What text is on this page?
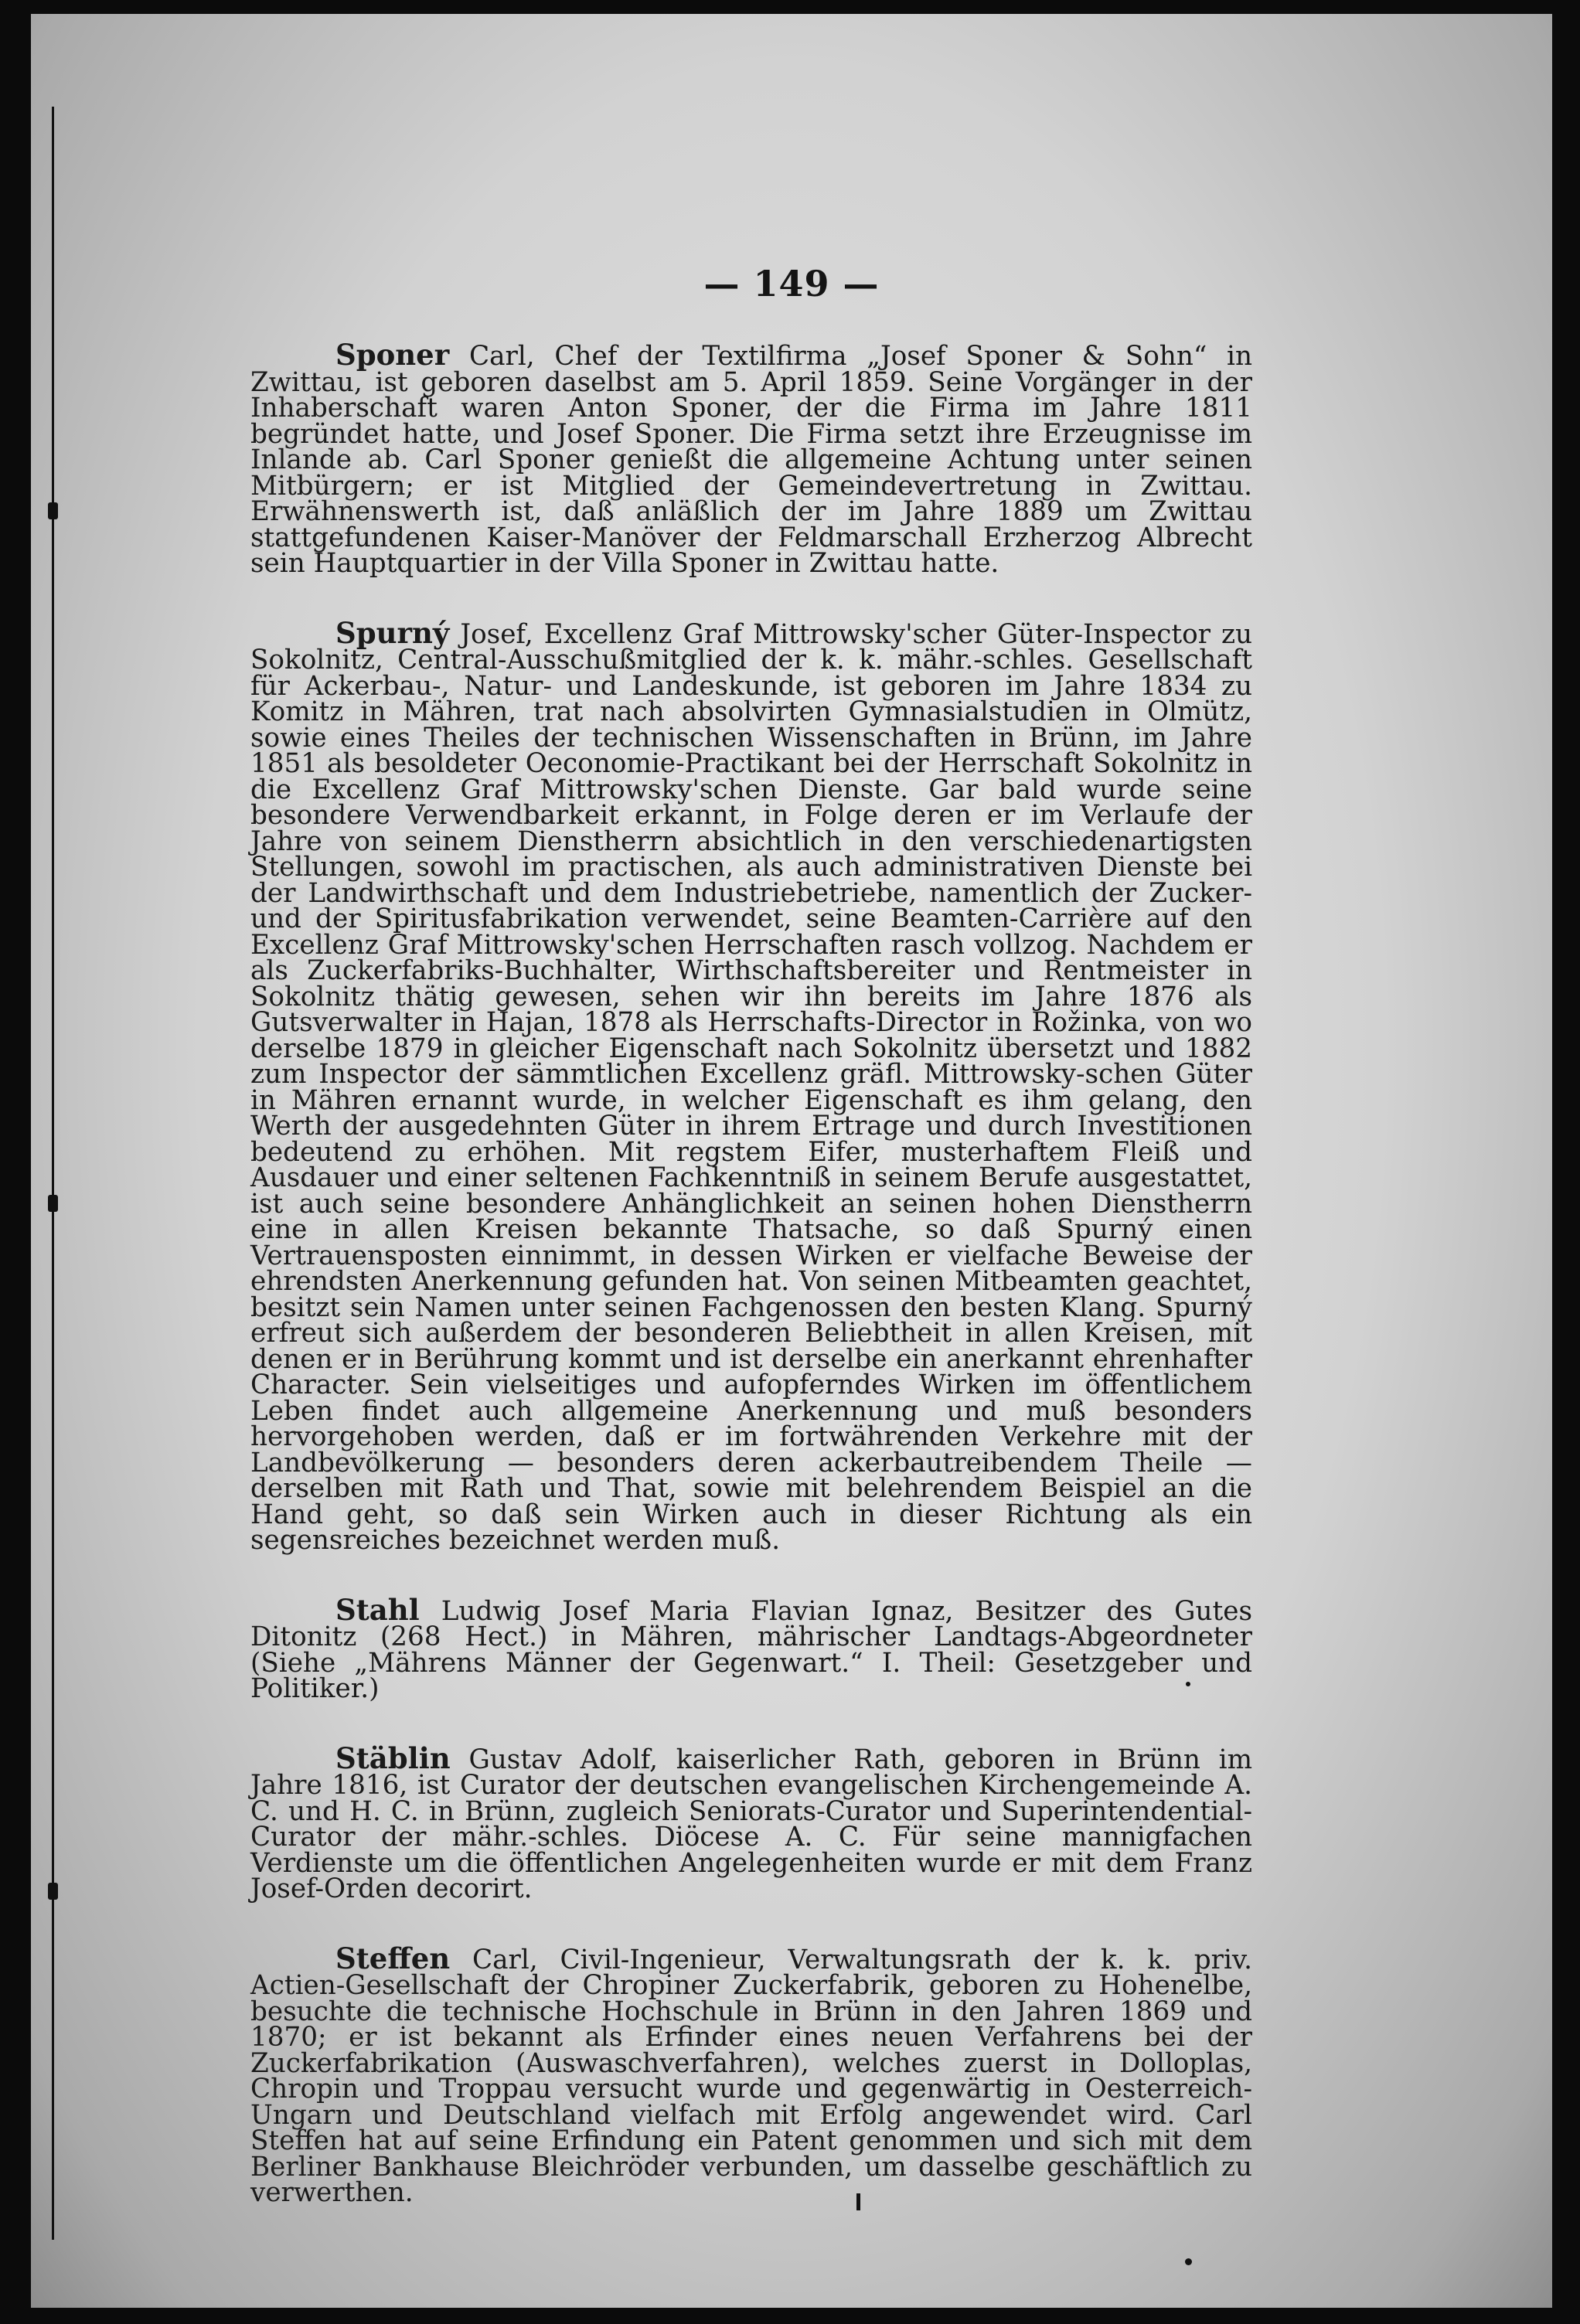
— 149 —

Sponer Carl, Chef der Textilfirma „Josef Sponer & Sohn“ in Zwittau, ist geboren daselbst am 5. April 1859. Seine Vorgänger in der Inhaberschaft waren Anton Sponer, der die Firma im Jahre 1811 begründet hatte, und Josef Sponer. Die Firma setzt ihre Erzeugnisse im Inlande ab. Carl Sponer genießt die allgemeine Achtung unter seinen Mitbürgern; er ist Mitglied der Gemeindevertretung in Zwittau. Erwähnenswerth ist, daß anläßlich der im Jahre 1889 um Zwittau stattgefundenen Kaiser-Manöver der Feldmarschall Erzherzog Albrecht sein Hauptquartier in der Villa Sponer in Zwittau hatte.

Spurný Josef, Excellenz Graf Mittrowsky'scher Güter-Inspector zu Sokolnitz, Central-Ausschußmitglied der k. k. mähr.-schles. Gesellschaft für Ackerbau-, Natur- und Landeskunde, ist geboren im Jahre 1834 zu Komitz in Mähren, trat nach absolvirten Gymnasialstudien in Olmütz, sowie eines Theiles der technischen Wissenschaften in Brünn, im Jahre 1851 als besoldeter Oeconomie-Practikant bei der Herrschaft Sokolnitz in die Excellenz Graf Mittrowsky'schen Dienste. Gar bald wurde seine besondere Verwendbarkeit erkannt, in Folge deren er im Verlaufe der Jahre von seinem Dienstherrn absichtlich in den verschiedenartigsten Stellungen, sowohl im practischen, als auch administrativen Dienste bei der Landwirthschaft und dem Industriebetriebe, namentlich der Zucker- und der Spiritusfabrikation verwendet, seine Beamten-Carrière auf den Excellenz Graf Mittrowsky'schen Herrschaften rasch vollzog. Nachdem er als Zuckerfabriks-Buchhalter, Wirthschaftsbereiter und Rentmeister in Sokolnitz thätig gewesen, sehen wir ihn bereits im Jahre 1876 als Gutsverwalter in Hajan, 1878 als Herrschafts-Director in Rožinka, von wo derselbe 1879 in gleicher Eigenschaft nach Sokolnitz übersetzt und 1882 zum Inspector der sämmtlichen Excellenz gräfl. Mittrowsky-schen Güter in Mähren ernannt wurde, in welcher Eigenschaft es ihm gelang, den Werth der ausgedehnten Güter in ihrem Ertrage und durch Investitionen bedeutend zu erhöhen. Mit regstem Eifer, musterhaftem Fleiß und Ausdauer und einer seltenen Fachkenntniß in seinem Berufe ausgestattet, ist auch seine besondere Anhänglichkeit an seinen hohen Dienstherrn eine in allen Kreisen bekannte Thatsache, so daß Spurný einen Vertrauensposten einnimmt, in dessen Wirken er vielfache Beweise der ehrendsten Anerkennung gefunden hat. Von seinen Mitbeamten geachtet, besitzt sein Namen unter seinen Fachgenossen den besten Klang. Spurný erfreut sich außerdem der besonderen Beliebtheit in allen Kreisen, mit denen er in Berührung kommt und ist derselbe ein anerkannt ehrenhafter Character. Sein vielseitiges und aufopferndes Wirken im öffentlichem Leben findet auch allgemeine Anerkennung und muß besonders hervorgehoben werden, daß er im fortwährenden Verkehre mit der Landbevölkerung — besonders deren ackerbautreibendem Theile — derselben mit Rath und That, sowie mit belehrendem Beispiel an die Hand geht, so daß sein Wirken auch in dieser Richtung als ein segensreiches bezeichnet werden muß.

Stahl Ludwig Josef Maria Flavian Ignaz, Besitzer des Gutes Ditonitz (268 Hect.) in Mähren, mährischer Landtags-Abgeordneter (Siehe „Mährens Männer der Gegenwart.“ I. Theil: Gesetzgeber und Politiker.)

Stäblin Gustav Adolf, kaiserlicher Rath, geboren in Brünn im Jahre 1816, ist Curator der deutschen evangelischen Kirchengemeinde A. C. und H. C. in Brünn, zugleich Seniorats-Curator und Superintendential-Curator der mähr.-schles. Diöcese A. C. Für seine mannigfachen Verdienste um die öffentlichen Angelegenheiten wurde er mit dem Franz Josef-Orden decorirt.

Steffen Carl, Civil-Ingenieur, Verwaltungsrath der k. k. priv. Actien-Gesellschaft der Chropiner Zuckerfabrik, geboren zu Hohenelbe, besuchte die technische Hochschule in Brünn in den Jahren 1869 und 1870; er ist bekannt als Erfinder eines neuen Verfahrens bei der Zuckerfabrikation (Auswaschverfahren), welches zuerst in Dolloplas, Chropin und Troppau versucht wurde und gegenwärtig in Oesterreich-Ungarn und Deutschland vielfach mit Erfolg angewendet wird. Carl Steffen hat auf seine Erfindung ein Patent genommen und sich mit dem Berliner Bankhause Bleichröder verbunden, um dasselbe geschäftlich zu verwerthen.
